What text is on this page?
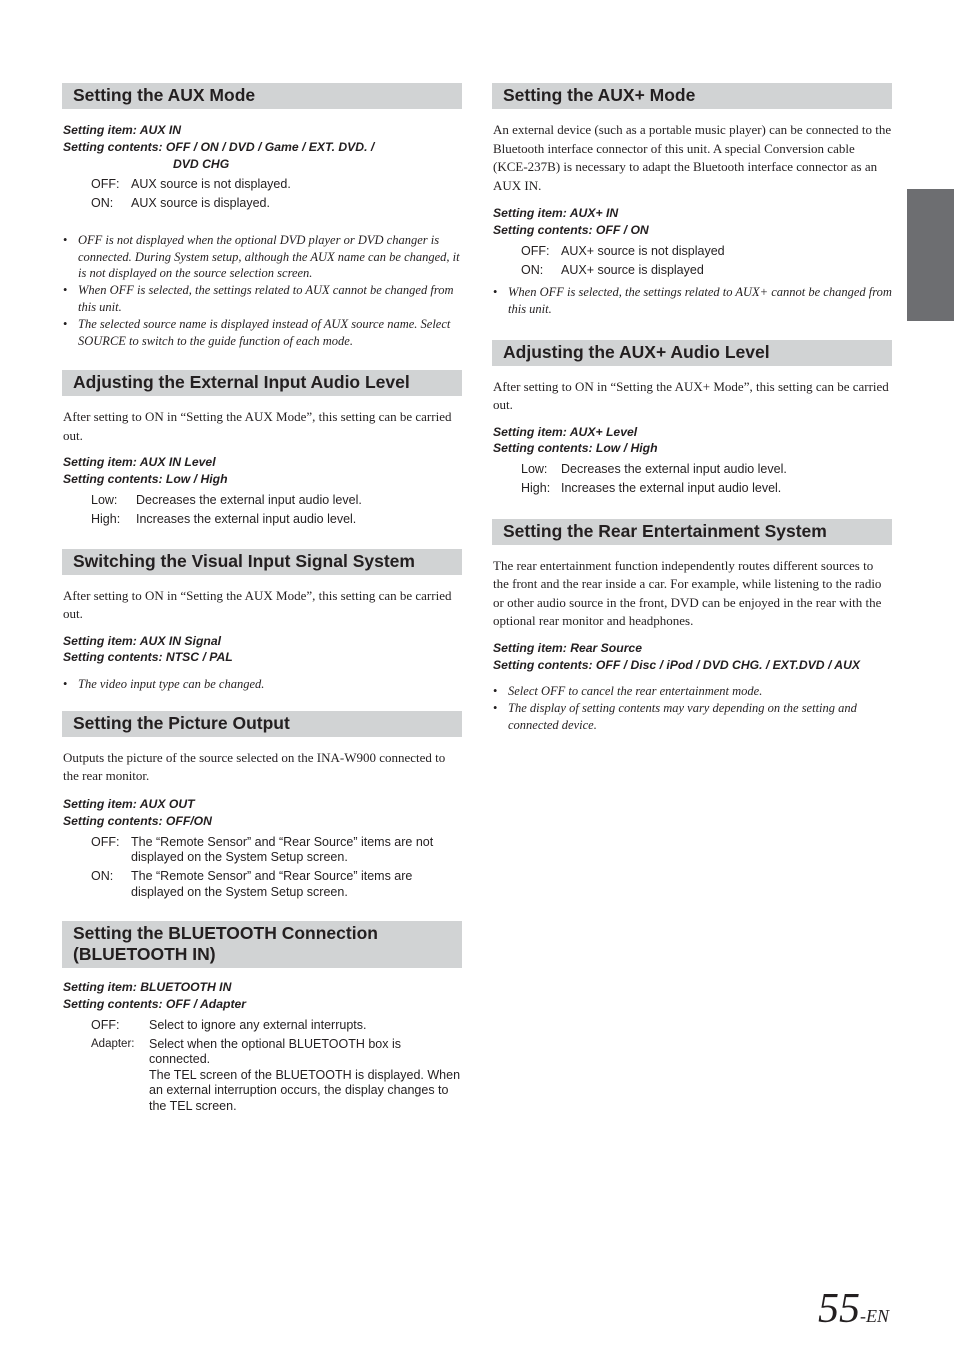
Setting the AUX Mode
Setting item: AUX IN
Setting contents: OFF / ON / DVD / Game / EXT. DVD. /
DVD CHG
OFF: AUX source is not displayed.
ON:	AUX source is displayed.
• OFF is not displayed when the optional DVD player or DVD changer is connected. During System setup, although the AUX name can be changed, it is not displayed on the source selection screen.
• When OFF is selected, the settings related to AUX cannot be changed from this unit.
• The selected source name is displayed instead of AUX source name. Select SOURCE to switch to the guide function of each mode.
Adjusting the External Input Audio Level
After setting to ON in “Setting the AUX Mode”, this setting can be carried out.
Setting item: AUX IN Level
Setting contents: Low / High
Low:	Decreases the external input audio level.
High:	Increases the external input audio level.
Switching the Visual Input Signal System
After setting to ON in “Setting the AUX Mode”, this setting can be carried out.
Setting item: AUX IN Signal
Setting contents: NTSC / PAL
• The video input type can be changed.
Setting the Picture Output
Outputs the picture of the source selected on the INA-W900 connected to the rear monitor.
Setting item: AUX OUT
Setting contents: OFF/ON
OFF: The “Remote Sensor” and “Rear Source” items are not displayed on the System Setup screen.
ON:	The “Remote Sensor” and “Rear Source” items are displayed on the System Setup screen.
Setting the BLUETOOTH Connection
(BLUETOOTH IN)
Setting item: BLUETOOTH IN
Setting contents: OFF / Adapter
OFF:	Select to ignore any external interrupts.
Adapter:	Select when the optional BLUETOOTH box is connected.
The TEL screen of the BLUETOOTH is displayed. When an external interruption occurs, the display changes to the TEL screen.
Setting the AUX+ Mode
An external device (such as a portable music player) can be connected to the Bluetooth interface connector of this unit. A special Conversion cable (KCE-237B) is necessary to adapt the Bluetooth interface connector as an AUX IN.
Setting item: AUX+ IN
Setting contents: OFF / ON
OFF: AUX+ source is not displayed
ON:	AUX+ source is displayed
• When OFF is selected, the settings related to AUX+ cannot be changed from this unit.
Adjusting the AUX+ Audio Level
After setting to ON in “Setting the AUX+ Mode”, this setting can be carried out.
Setting item: AUX+ Level
Setting contents: Low / High
Low:	Decreases the external input audio level.
High: Increases the external input audio level.
Setting the Rear Entertainment System
The rear entertainment function independently routes different sources to the front and the rear inside a car. For example, while listening to the radio or other audio source in the front, DVD can be enjoyed in the rear with the optional rear monitor and headphones.
Setting item: Rear Source
Setting contents: OFF / Disc / iPod / DVD CHG. / EXT.DVD / AUX
• Select OFF to cancel the rear entertainment mode.
• The display of setting contents may vary depending on the setting and connected device.
55-EN
